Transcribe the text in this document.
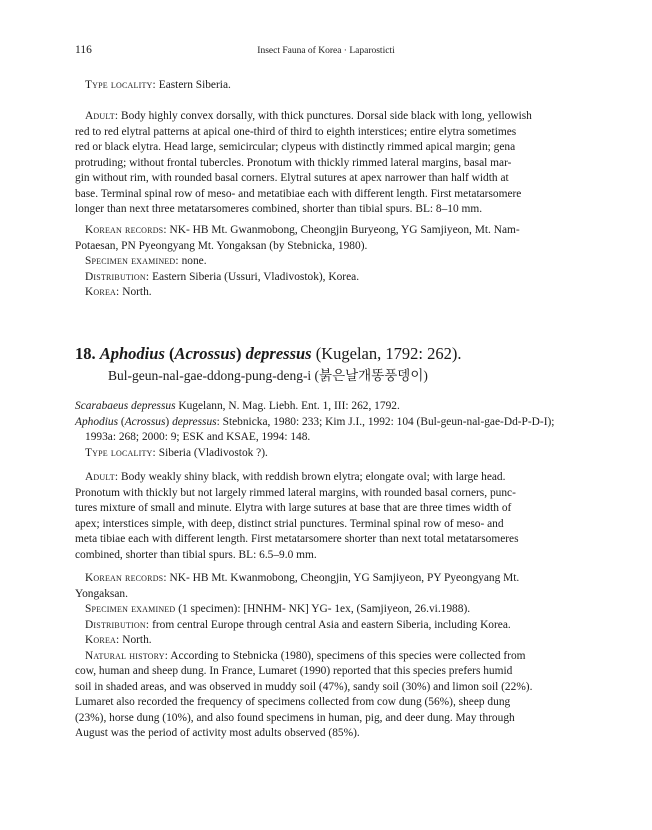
116	Insect Fauna of Korea · Laparosticti
Type locality: Eastern Siberia.
Adult: Body highly convex dorsally, with thick punctures. Dorsal side black with long, yellowish
red to red elytral patterns at apical one-third of third to eighth interstices; entire elytra sometimes
red or black elytra. Head large, semicircular; clypeus with distinctly rimmed apical margin; gena
protruding; without frontal tubercles. Pronotum with thickly rimmed lateral margins, basal mar-
gin without rim, with rounded basal corners. Elytral sutures at apex narrower than half width at
base. Terminal spinal row of meso- and metatibiae each with different length. First metatarsomere
longer than next three metatarsomeres combined, shorter than tibial spurs. BL: 8–10 mm.
Korean records: NK- HB Mt. Gwanmobong, Cheongjin Buryeong, YG Samjiyeon, Mt. Nam-
Potaesan, PN Pyeongyang Mt. Yongaksan (by Stebnicka, 1980).
Specimen examined: none.
Distribution: Eastern Siberia (Ussuri, Vladivostok), Korea.
Korea: North.
18. Aphodius (Acrossus) depressus (Kugelan, 1792: 262).
Bul-geun-nal-gae-ddong-pung-deng-i (붉은날개똥풍뎅이)
Scarabaeus depressus Kugelann, N. Mag. Liebh. Ent. 1, III: 262, 1792.
Aphodius (Acrossus) depressus: Stebnicka, 1980: 233; Kim J.I., 1992: 104 (Bul-geun-nal-gae-Dd-P-D-I);
1993a: 268; 2000: 9; ESK and KSAE, 1994: 148.
Type locality: Siberia (Vladivostok ?).
Adult: Body weakly shiny black, with reddish brown elytra; elongate oval; with large head.
Pronotum with thickly but not largely rimmed lateral margins, with rounded basal corners, punc-
tures mixture of small and minute. Elytra with large sutures at base that are three times width of
apex; interstices simple, with deep, distinct strial punctures. Terminal spinal row of meso- and
meta tibiae each with different length. First metatarsomere shorter than next total metatarsomeres
combined, shorter than tibial spurs. BL: 6.5–9.0 mm.
Korean records: NK- HB Mt. Kwanmobong, Cheongjin, YG Samjiyeon, PY Pyeongyang Mt.
Yongaksan.
Specimen examined (1 specimen): [HNHM- NK] YG- 1ex, (Samjiyeon, 26.vi.1988).
Distribution: from central Europe through central Asia and eastern Siberia, including Korea.
Korea: North.
Natural history: According to Stebnicka (1980), specimens of this species were collected from
cow, human and sheep dung. In France, Lumaret (1990) reported that this species prefers humid
soil in shaded areas, and was observed in muddy soil (47%), sandy soil (30%) and limon soil (22%).
Lumaret also recorded the frequency of specimens collected from cow dung (56%), sheep dung
(23%), horse dung (10%), and also found specimens in human, pig, and deer dung. May through
August was the period of activity most adults observed (85%).
